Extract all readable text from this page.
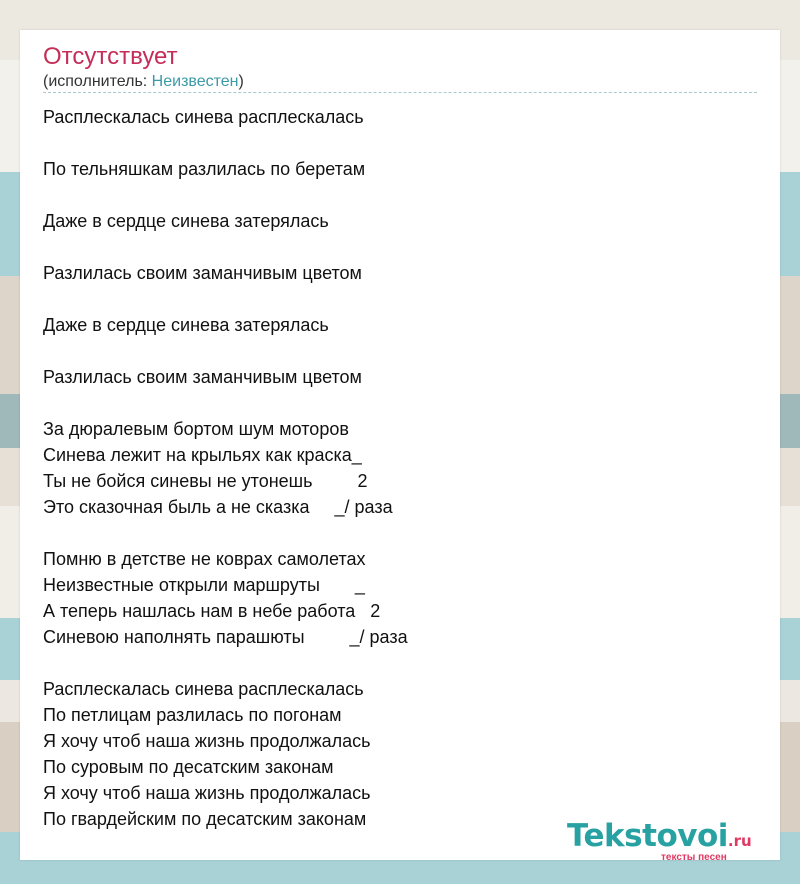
Отсутствует
(исполнитель: Неизвестен)
Расплескалась синева расплескалась

По тельняшкам разлилась по беретам

Даже в сердце синева затерялась

Разлилась своим заманчивым цветом

Даже в сердце синева затерялась

Разлилась своим заманчивым цветом

За дюралевым бортом шум моторов
Синева лежит на крыльях как краска_
Ты не бойся синевы не утонешь         2
Это сказочная быль а не сказка     _/ раза

Помню в детстве не коврах самолетах
Неизвестные открыли маршруты       _
А теперь нашлась нам в небе работа   2
Синевою наполнять парашюты         _/ раза

Расплескалась синева расплескалась
По петлицам разлилась по погонам
Я хочу чтоб наша жизнь продолжалась
По суровым по десатским законам
Я хочу чтоб наша жизнь продолжалась
По гвардейским по десатским законам	Tekstovoi.ru
тексты песен
